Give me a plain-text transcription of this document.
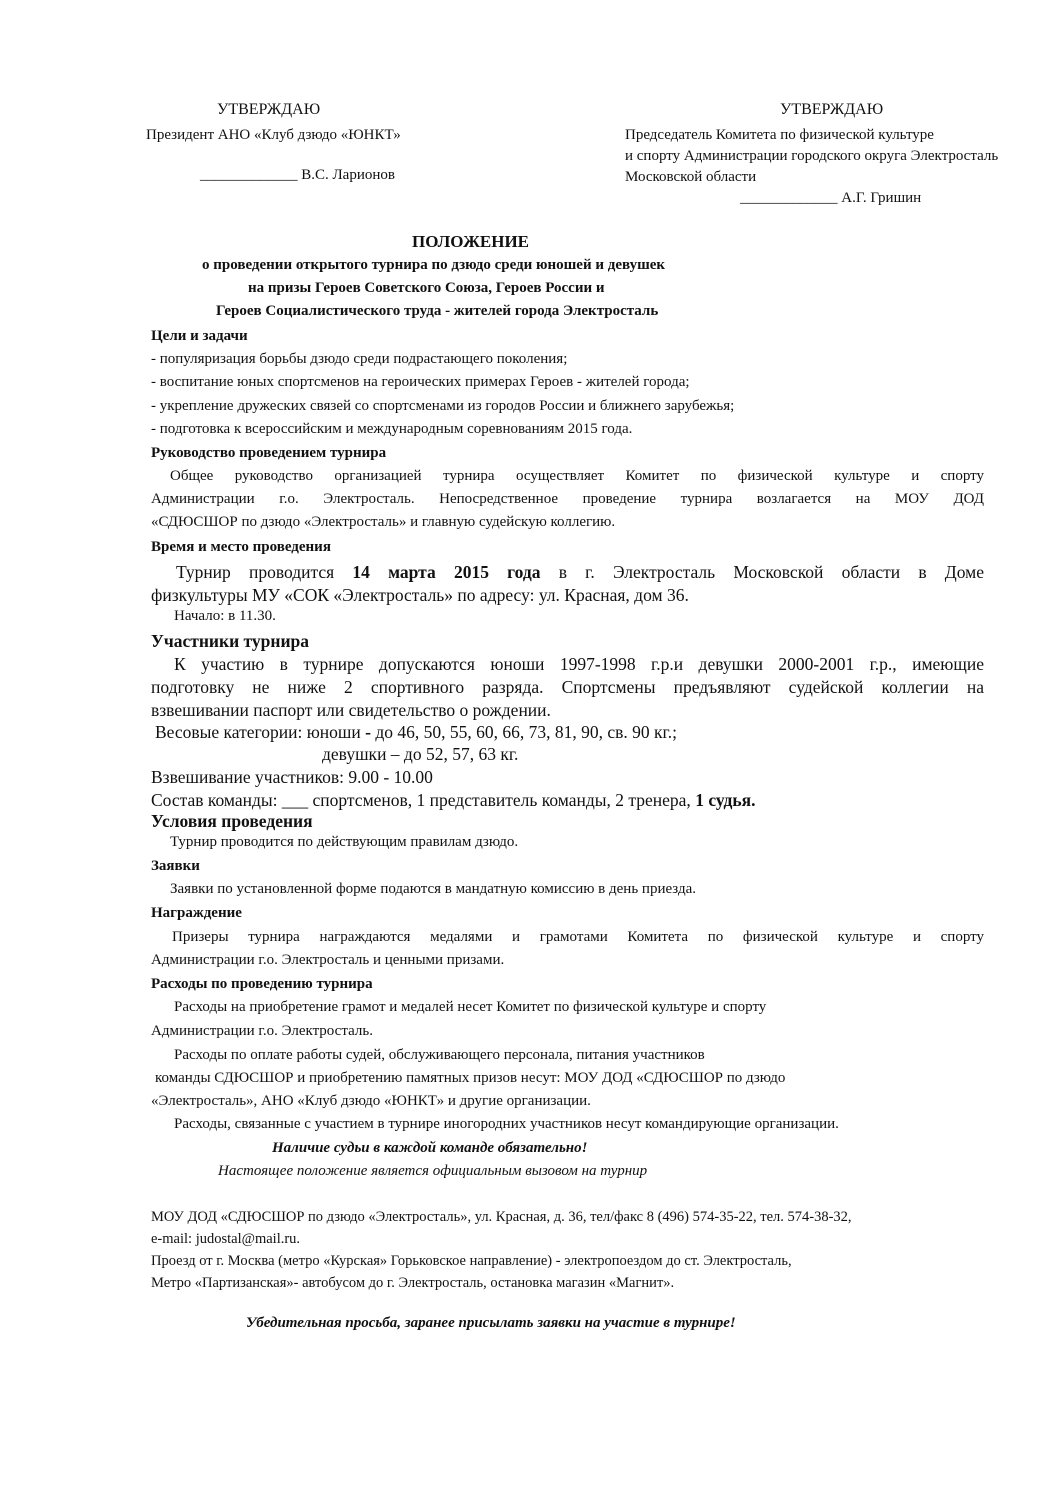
УТВЕРЖДАЮ
Президент АНО «Клуб дзюдо «ЮНКТ»
_____________ В.С. Ларионов
УТВЕРЖДАЮ
Председатель Комитета по физической культуре
и спорту Администрации городского округа Электросталь
Московской области
_____________ А.Г. Гришин
ПОЛОЖЕНИЕ
о проведении открытого турнира по дзюдо среди юношей и девушек
на призы Героев Советского Союза, Героев России и
Героев Социалистического труда - жителей города Электросталь
Цели и задачи
- популяризация борьбы дзюдо среди подрастающего поколения;
- воспитание юных спортсменов на героических примерах Героев - жителей города;
- укрепление дружеских связей со спортсменами из городов России и ближнего зарубежья;
- подготовка к всероссийским и международным соревнованиям 2015 года.
Руководство проведением турнира
Общее руководство организацией турнира осуществляет Комитет по физической культуре и спорту
Администрации г.о. Электросталь. Непосредственное проведение турнира возлагается на МОУ ДОД
«СДЮСШОР по дзюдо «Электросталь» и главную судейскую коллегию.
Время и место проведения
Турнир проводится 14 марта 2015 года в г. Электросталь Московской области в Доме
физкультуры МУ «СОК «Электросталь» по адресу: ул. Красная, дом 36.
Начало: в 11.30.
Участники турнира
К участию в турнире допускаются юноши 1997-1998 г.р.и девушки 2000-2001 г.р., имеющие
подготовку не ниже 2 спортивного разряда. Спортсмены предъявляют судейской коллегии на
взвешивании паспорт или свидетельство о рождении.
Весовые категории: юноши - до 46, 50, 55, 60, 66, 73, 81, 90, св. 90 кг.;
девушки – до 52, 57, 63 кг.
Взвешивание участников: 9.00 - 10.00
Состав команды: ___ спортсменов, 1 представитель команды, 2 тренера, 1 судья.
Условия проведения
Турнир проводится по действующим правилам дзюдо.
Заявки
Заявки по установленной форме подаются в мандатную комиссию в день приезда.
Награждение
Призеры турнира награждаются медалями и грамотами Комитета по физической культуре и спорту
Администрации г.о. Электросталь и ценными призами.
Расходы по проведению турнира
Расходы на приобретение грамот и медалей несет Комитет по физической культуре и спорту
Администрации г.о. Электросталь.
Расходы по оплате работы судей, обслуживающего персонала, питания участников
команды СДЮСШОР и приобретению памятных призов несут: МОУ ДОД «СДЮСШОР по дзюдо
«Электросталь», АНО «Клуб дзюдо «ЮНКТ» и другие организации.
Расходы, связанные с участием в турнире иногородних участников несут командирующие организации.
Наличие судьи в каждой команде обязательно!
Настоящее положение является официальным вызовом на турнир
МОУ ДОД «СДЮСШОР по дзюдо «Электросталь», ул. Красная, д. 36, тел/факс 8 (496) 574-35-22, тел. 574-38-32,
e-mail: judostal@mail.ru.
Проезд от г. Москва (метро «Курская» Горьковское направление) - электропоездом до ст. Электросталь,
Метро «Партизанская»- автобусом до г. Электросталь, остановка магазин «Магнит».
Убедительная просьба, заранее присылать заявки на участие в турнире!
